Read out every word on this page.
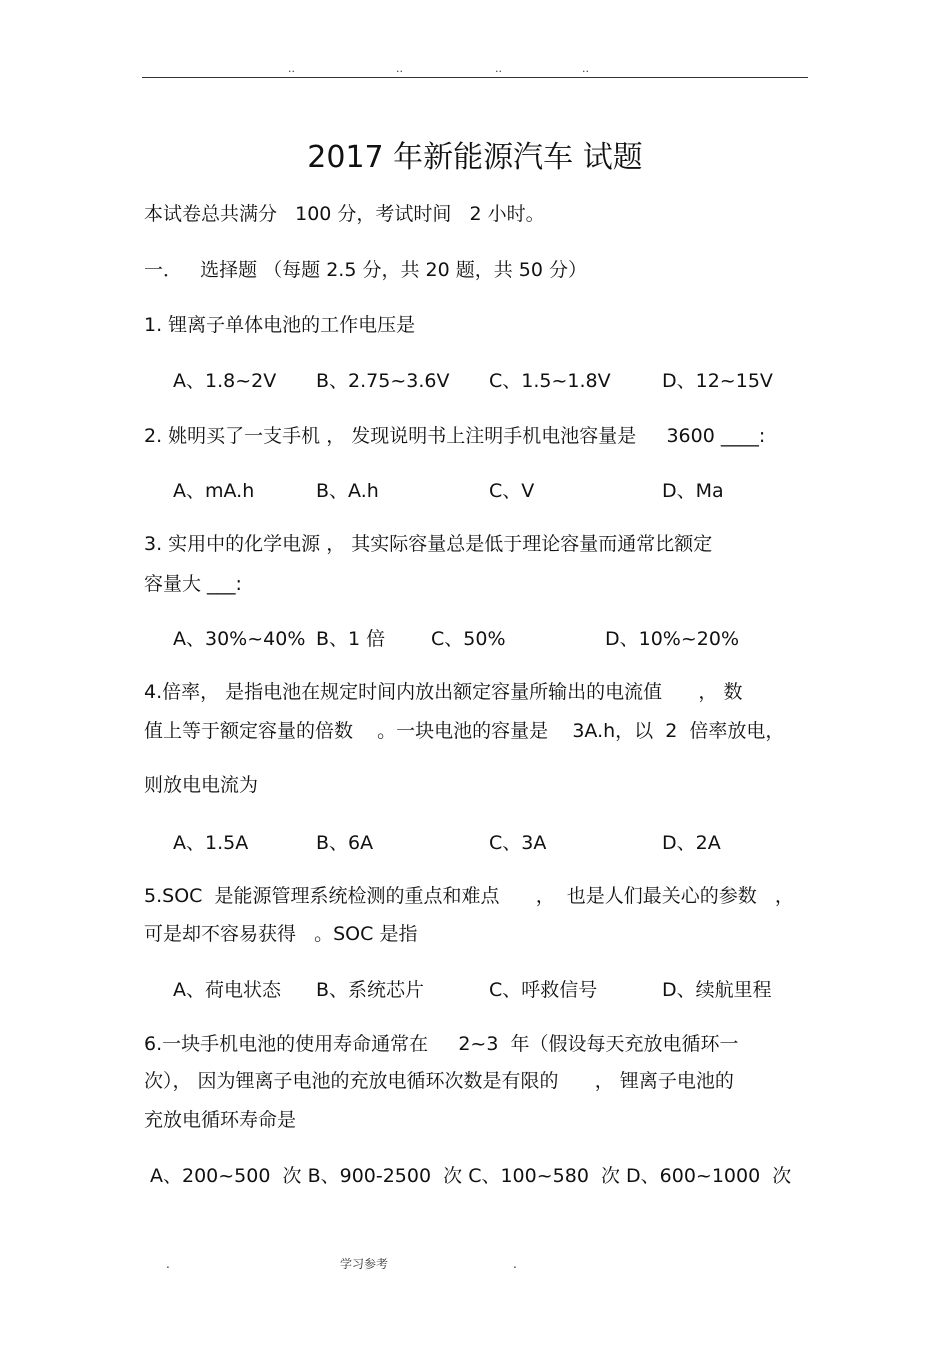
..	..	..	..
2017 年新能源汽车 试题
本试卷总共满分   100 分，考试时间   2 小时。
一．   选择题 （每题 2.5 分，共 20 题，共 50 分）
1. 锂离子单体电池的工作电压是
A、1.8~2V B、2.75~3.6V C、1.5~1.8V	D、12~15V
2. 姚明买了一支手机 ， 发现说明书上注明手机电池容量是     3600 ____:
A、mA.h	B、A.h	C、V	D、Ma
3. 实用中的化学电源 ， 其实际容量总是低于理论容量而通常比额定
容量大 ___:
A、30%~40% B、1 倍 C、50%	D、10%~20%
4.倍率， 是指电池在规定时间内放出额定容量所输出的电流值      ， 数
值上等于额定容量的倍数    。一块电池的容量是    3A.h，以  2  倍率放电，
则放电电流为
A、1.5A	B、6A	C、3A	D、2A
5.SOC  是能源管理系统检测的重点和难点      ，  也是人们最关心的参数   ，
可是却不容易获得   。SOC 是指
A、荷电状态 B、系统芯片	C、呼救信号	D、续航里程
6.一块手机电池的使用寿命通常在     2~3  年（假设每天充放电循环一
次）， 因为锂离子电池的充放电循环次数是有限的      ， 锂离子电池的
充放电循环寿命是
A、200~500  次 B、900-2500  次 C、100~580  次 D、600~1000  次
.	学习参考	.
